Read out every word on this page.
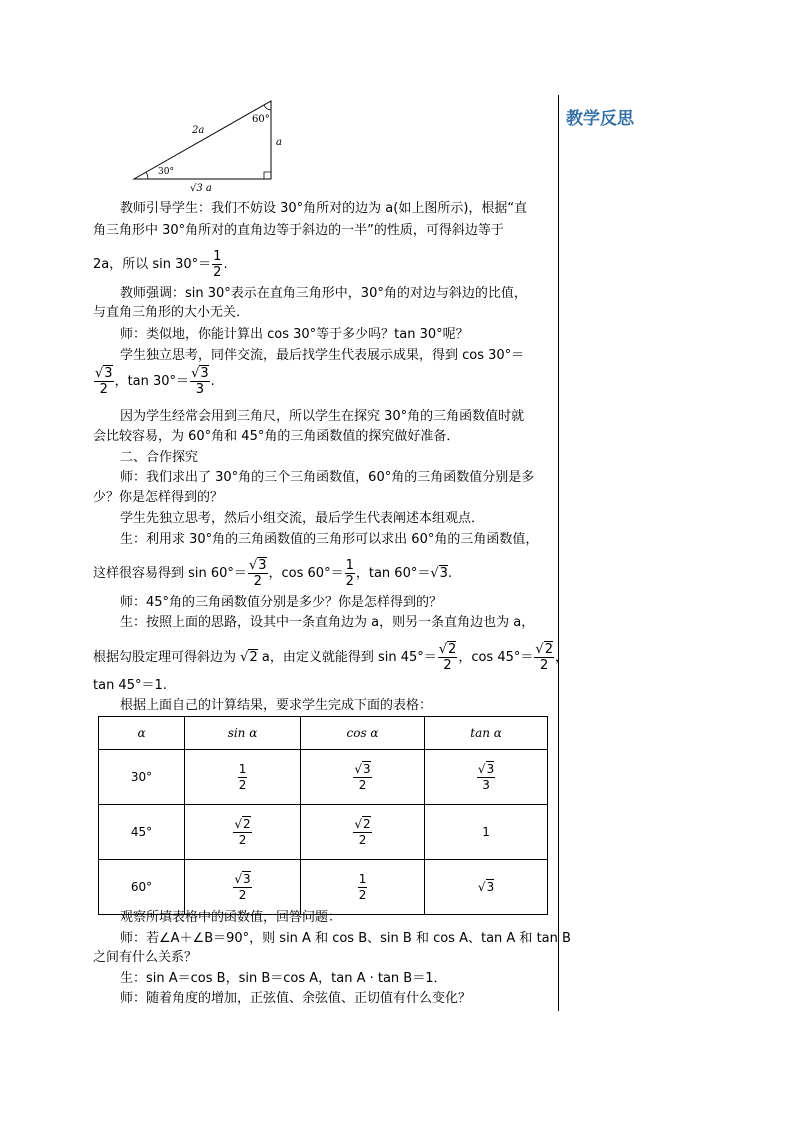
教学反思
2a
60°
a
30°
√3 a
教师引导学生：我们不妨设 30°角所对的边为 a(如上图所示)，根据“直
角三角形中 30°角所对的直角边等于斜边的一半”的性质，可得斜边等于
2a，所以 $\sin 30^\circ= \frac{1}{2}$ .
教师强调：sin 30°表示在直角三角形中，30°角的对边与斜边的比值，
与直角三角形的大小无关．
师：类似地，你能计算出 cos 30°等于多少吗？tan 30°呢？
学生独立思考，同伴交流，最后找学生代表展示成果，得到 cos 30°＝
$\frac{√3}{2}$ ，$\tan 30^\circ= \frac{√3}{3}$ .
因为学生经常会用到三角尺，所以学生在探究 30°角的三角函数值时就
会比较容易，为 60°角和 45°角的三角函数值的探究做好准备．
二、合作探究
师：我们求出了 30°角的三个三角函数值，60°角的三角函数值分别是多
少？你是怎样得到的？
学生先独立思考，然后小组交流，最后学生代表阐述本组观点．
生：利用求 30°角的三角函数值的三角形可以求出 60°角的三角函数值，
这样很容易得到 $\sin 60^\circ= \frac{√3}{2}$ ，$\cos 60^\circ= \frac{1}{2}$ ，tan 60°＝√3.
师：45°角的三角函数值分别是多少？你是怎样得到的？
生：按照上面的思路，设其中一条直角边为 a，则另一条直角边也为 a，
根据勾股定理可得斜边为 √2 a，由定义就能得到 $\sin 45^\circ= \frac{√2}{2}$ ，$\cos 45^\circ= \frac{√2}{2}$ ，
tan 45°＝1.
根据上面自己的计算结果，要求学生完成下面的表格：
α	sin α	cos α	tan α
30°	$\frac{1}{2}$	$\frac{√3}{2}$	$\frac{√3}{3}$

45°	$\frac{√2}{2}$	$\frac{√2}{2}$	1
60°	$\frac{√3}{2}$	$\frac{1}{2}$	√3
观察所填表格中的函数值，回答问题：
师：若∠A＋∠B＝90°，则 sin A 和 cos B、sin B 和 cos A、tan A 和 tan B
之间有什么关系？
生：sin A＝cos B，sin B＝cos A，tan A · tan B＝1．
师：随着角度的增加，正弦值、余弦值、正切值有什么变化？
